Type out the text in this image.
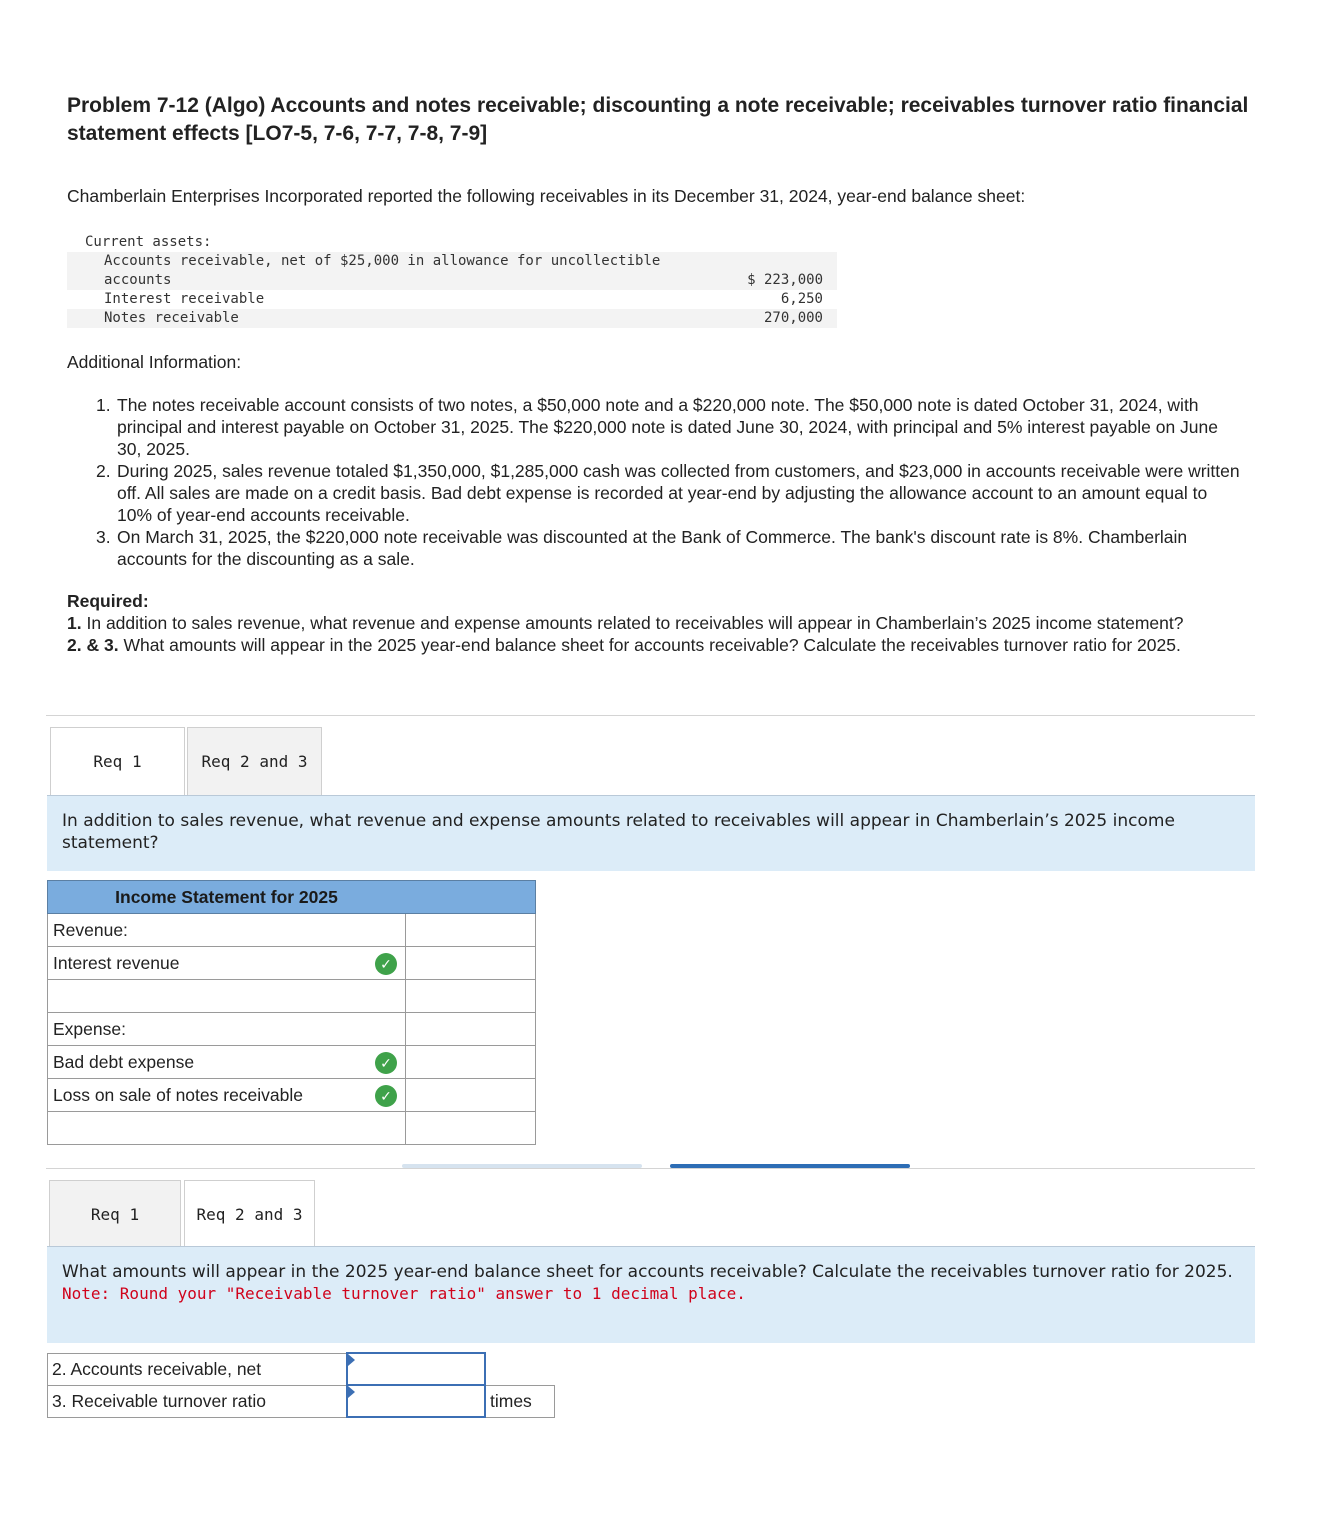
Problem 7-12 (Algo) Accounts and notes receivable; discounting a note receivable; receivables turnover ratio financial statement effects [LO7-5, 7-6, 7-7, 7-8, 7-9]
Chamberlain Enterprises Incorporated reported the following receivables in its December 31, 2024, year-end balance sheet:
Current assets:
Accounts receivable, net of $25,000 in allowance for uncollectible
accounts	$ 223,000
Interest receivable	6,250
Notes receivable	270,000
Additional Information:
1. The notes receivable account consists of two notes, a $50,000 note and a $220,000 note. The $50,000 note is dated October 31, 2024, with principal and interest payable on October 31, 2025. The $220,000 note is dated June 30, 2024, with principal and 5% interest payable on June 30, 2025.
2. During 2025, sales revenue totaled $1,350,000, $1,285,000 cash was collected from customers, and $23,000 in accounts receivable were written off. All sales are made on a credit basis. Bad debt expense is recorded at year-end by adjusting the allowance account to an amount equal to 10% of year-end accounts receivable.
3. On March 31, 2025, the $220,000 note receivable was discounted at the Bank of Commerce. The bank's discount rate is 8%. Chamberlain accounts for the discounting as a sale.
Required:
1. In addition to sales revenue, what revenue and expense amounts related to receivables will appear in Chamberlain’s 2025 income statement?
2. & 3. What amounts will appear in the 2025 year-end balance sheet for accounts receivable? Calculate the receivables turnover ratio for 2025.
Req 1	Req 2 and 3
In addition to sales revenue, what revenue and expense amounts related to receivables will appear in Chamberlain’s 2025 income statement?
Income Statement for 2025	
Revenue:	
Interest revenue ✓	

Expense:	
Bad debt expense ✓	

Loss on sale of notes receivable ✓	

Req 1	Req 2 and 3
What amounts will appear in the 2025 year-end balance sheet for accounts receivable? Calculate the receivables turnover ratio for 2025.
Note: Round your "Receivable turnover ratio" answer to 1 decimal place.
2. Accounts receivable, net	

3. Receivable turnover ratio		times
